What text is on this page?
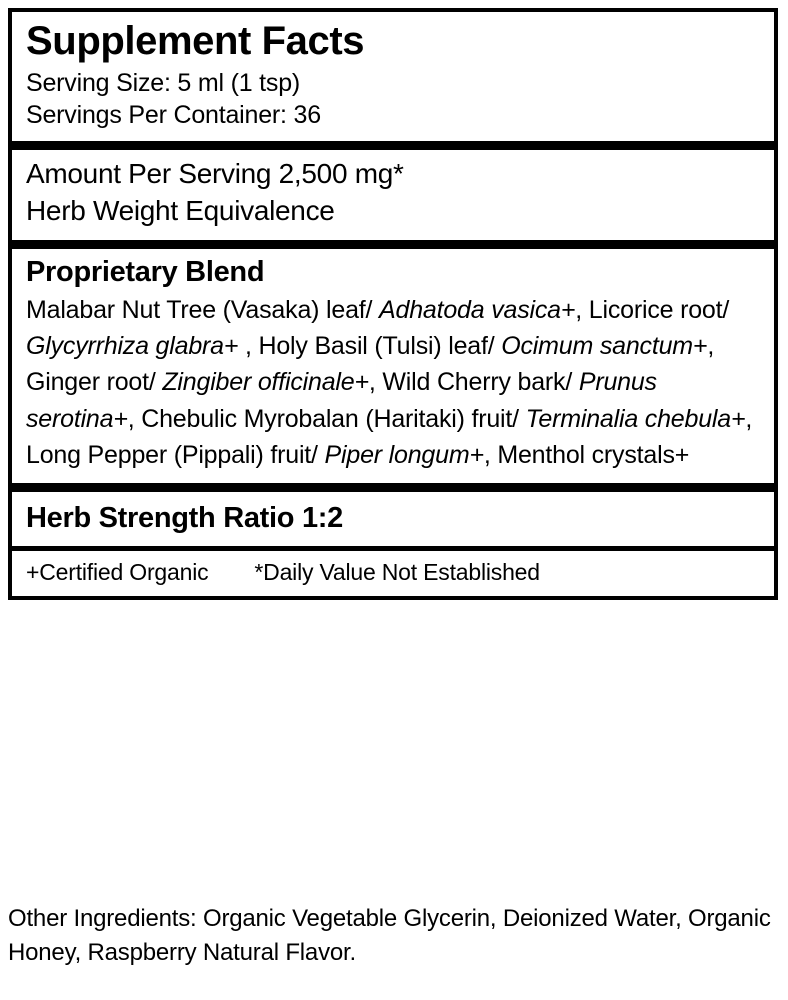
Supplement Facts
Serving Size: 5 ml (1 tsp)
Servings Per Container: 36
Amount Per Serving 2,500 mg*
Herb Weight Equivalence
Proprietary Blend
Malabar Nut Tree (Vasaka) leaf/ Adhatoda vasica+, Licorice root/ Glycyrrhiza glabra+ , Holy Basil (Tulsi) leaf/ Ocimum sanctum+, Ginger root/ Zingiber officinale+, Wild Cherry bark/ Prunus serotina+, Chebulic Myrobalan (Haritaki) fruit/ Terminalia chebula+,  Long Pepper (Pippali) fruit/ Piper longum+, Menthol crystals+
Herb Strength Ratio 1:2
+Certified Organic *Daily Value Not Established
Other Ingredients: Organic Vegetable Glycerin, Deionized Water, Organic Honey, Raspberry Natural Flavor.
